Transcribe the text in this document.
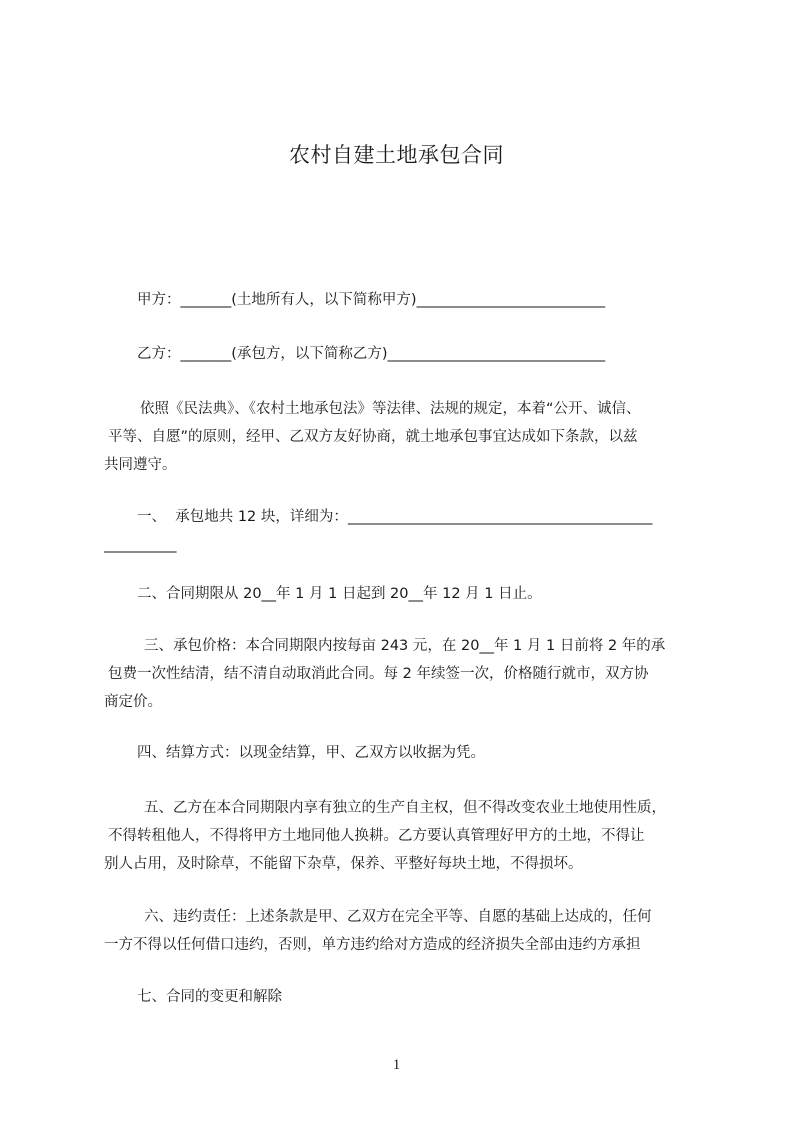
农村自建土地承包合同

甲方：_______(土地所有人，以下简称甲方)__________________________

乙方：_______(承包方，以下简称乙方)______________________________

依照《民法典》、《农村土地承包法》等法律、法规的规定，本着“公开、诚信、

平等、自愿”的原则，经甲、乙双方友好协商，就土地承包事宜达成如下条款，以兹

共同遵守。

一、  承包地共 12 块，详细为：__________________________________________

__________

二、合同期限从 20__年 1 月 1 日起到 20__年 12 月 1 日止。

三、承包价格：本合同期限内按每亩 243 元，在 20__年 1 月 1 日前将 2 年的承

包费一次性结清，结不清自动取消此合同。每 2 年续签一次，价格随行就市，双方协

商定价。

四、结算方式：以现金结算，甲、乙双方以收据为凭。

五、乙方在本合同期限内享有独立的生产自主权，但不得改变农业土地使用性质，

不得转租他人，不得将甲方土地同他人换耕。乙方要认真管理好甲方的土地，不得让

别人占用，及时除草，不能留下杂草，保养、平整好每块土地，不得损坏。

六、违约责任：上述条款是甲、乙双方在完全平等、自愿的基础上达成的，任何

一方不得以任何借口违约，否则，单方违约给对方造成的经济损失全部由违约方承担

七、合同的变更和解除

1
